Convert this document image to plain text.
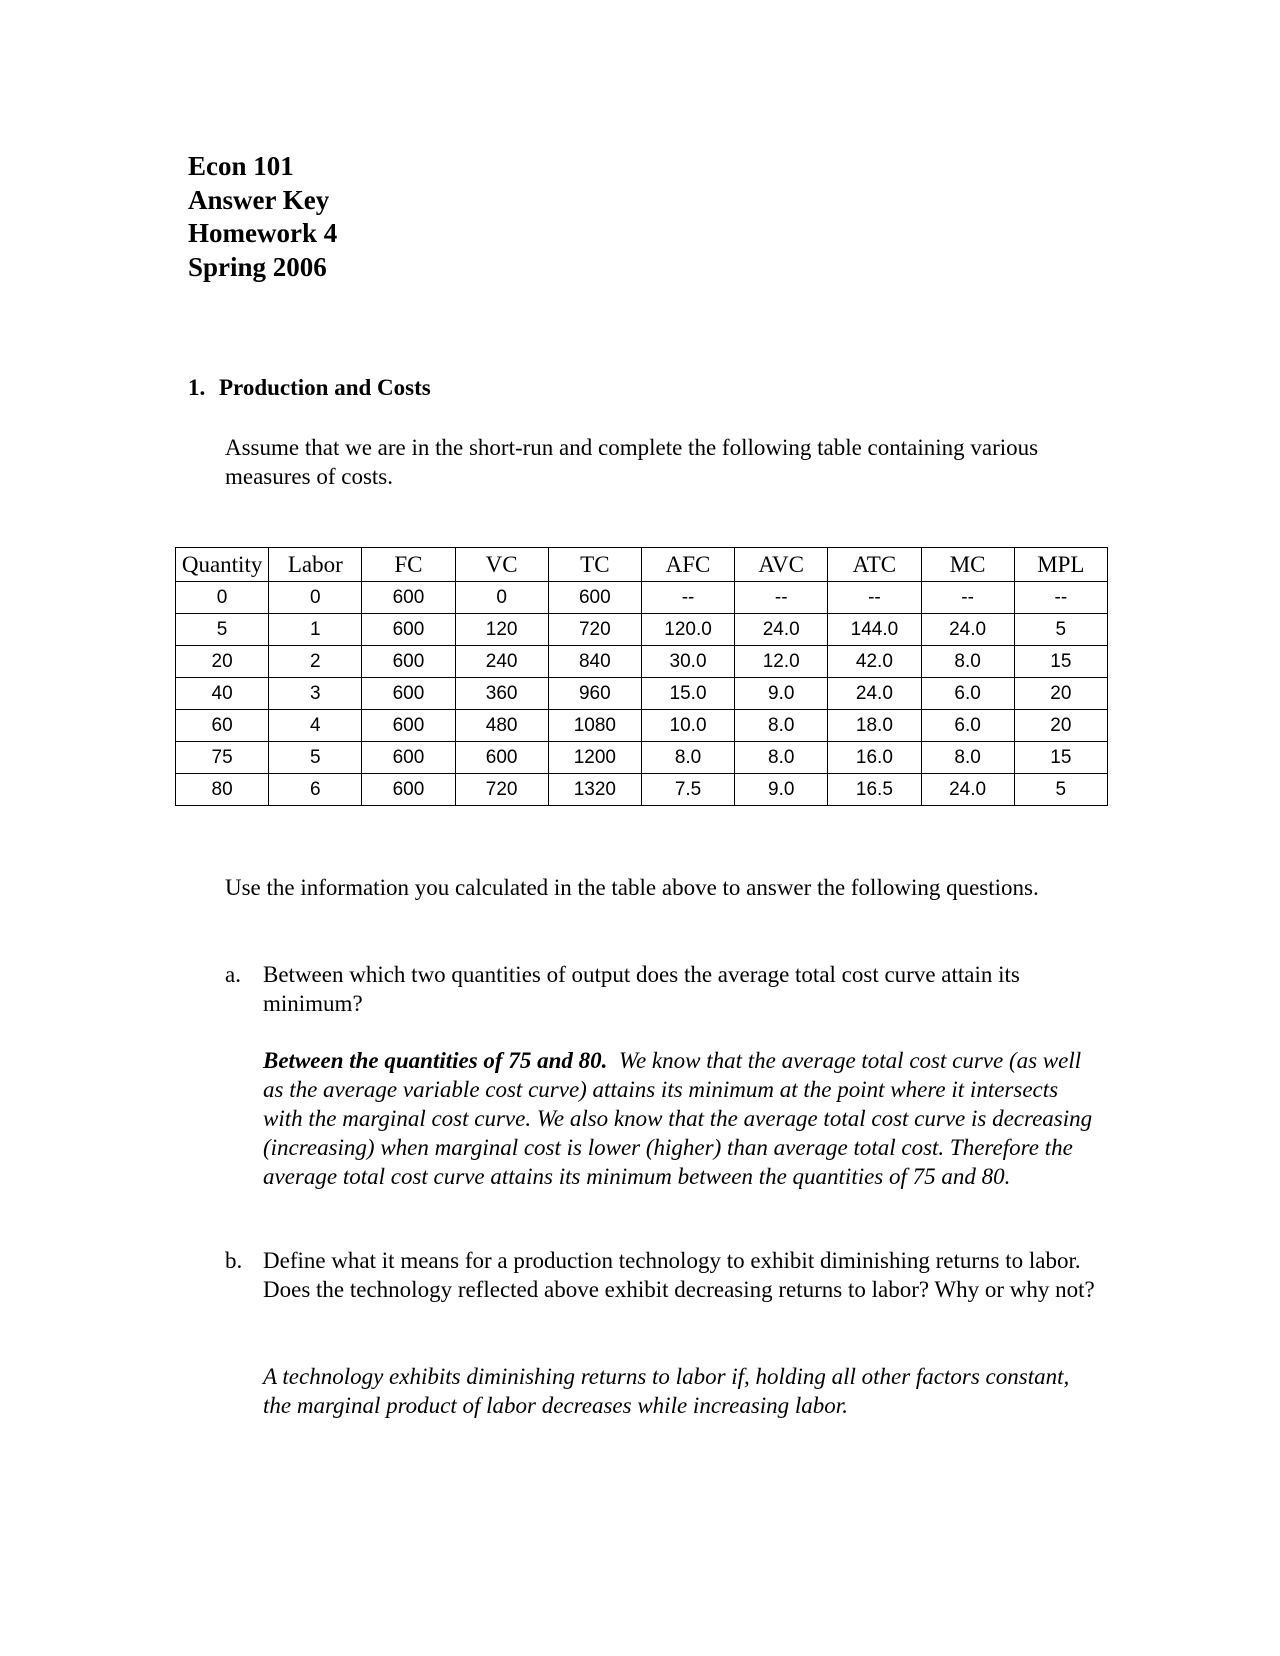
Econ 101
Answer Key
Homework 4
Spring 2006
1. Production and Costs
Assume that we are in the short-run and complete the following table containing various measures of costs.
Quantity	Labor	FC	VC	TC	AFC	AVC	ATC	MC	MPL
0	0	600	0	600	--	--	--	--	--
5	1	600	120	720	120.0	24.0	144.0	24.0	5
20	2	600	240	840	30.0	12.0	42.0	8.0	15
40	3	600	360	960	15.0	9.0	24.0	6.0	20
60	4	600	480	1080	10.0	8.0	18.0	6.0	20
75	5	600	600	1200	8.0	8.0	16.0	8.0	15
80	6	600	720	1320	7.5	9.0	16.5	24.0	5
Use the information you calculated in the table above to answer the following questions.
a. Between which two quantities of output does the average total cost curve attain its minimum?
Between the quantities of 75 and 80. We know that the average total cost curve (as well as the average variable cost curve) attains its minimum at the point where it intersects with the marginal cost curve. We also know that the average total cost curve is decreasing (increasing) when marginal cost is lower (higher) than average total cost. Therefore the average total cost curve attains its minimum between the quantities of 75 and 80.
b. Define what it means for a production technology to exhibit diminishing returns to labor. Does the technology reflected above exhibit decreasing returns to labor? Why or why not?
A technology exhibits diminishing returns to labor if, holding all other factors constant, the marginal product of labor decreases while increasing labor.
